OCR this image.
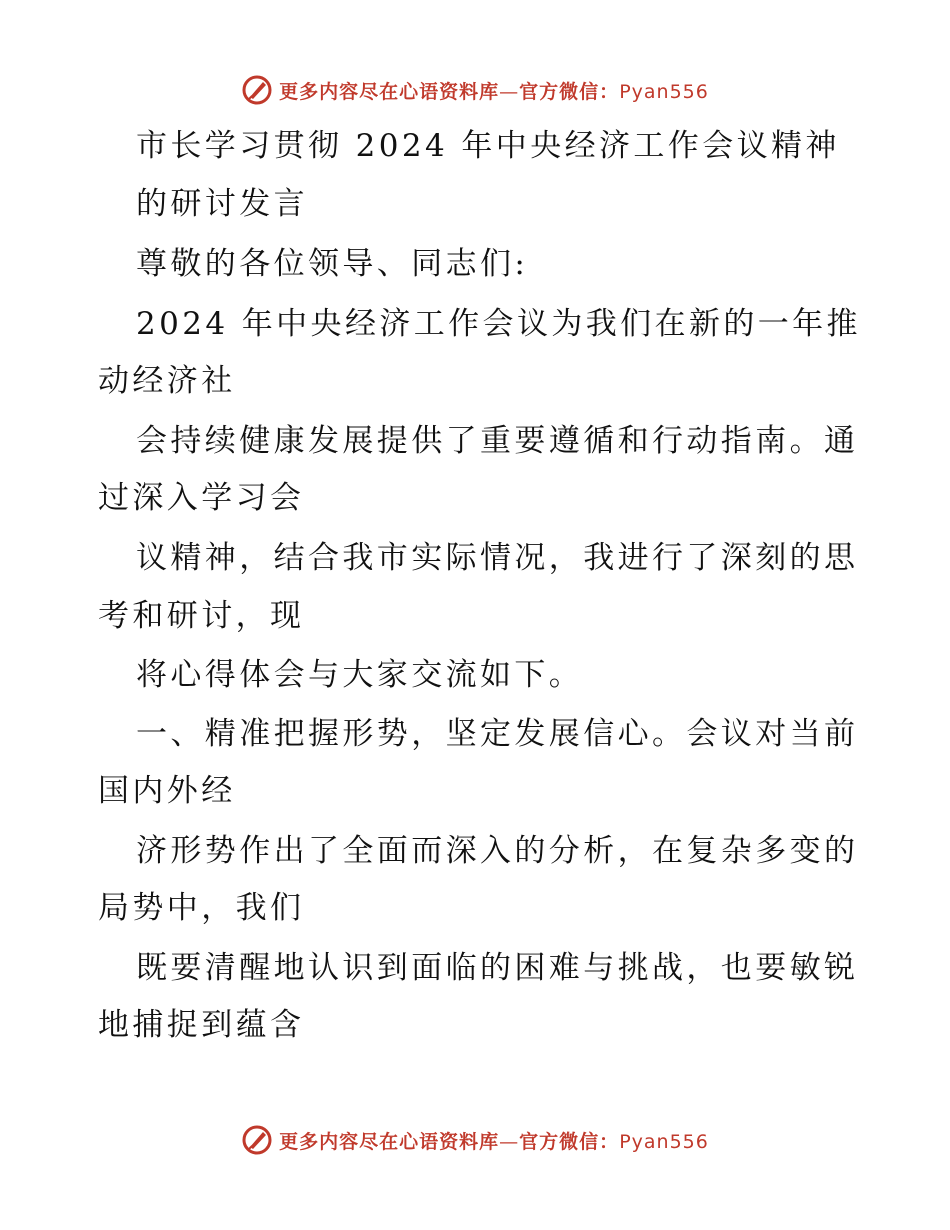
更多内容尽在心语资料库—官方微信：Pyan556
市长学习贯彻 2024 年中央经济工作会议精神
的研讨发言
尊敬的各位领导、同志们:
2024 年中央经济工作会议为我们在新的一年推
动经济社
会持续健康发展提供了重要遵循和行动指南。通
过深入学习会
议精神，结合我市实际情况，我进行了深刻的思
考和研讨，现
将心得体会与大家交流如下。
一、精准把握形势，坚定发展信心。会议对当前
国内外经
济形势作出了全面而深入的分析，在复杂多变的
局势中，我们
既要清醒地认识到面临的困难与挑战，也要敏锐
地捕捉到蕴含
更多内容尽在心语资料库—官方微信：Pyan556
